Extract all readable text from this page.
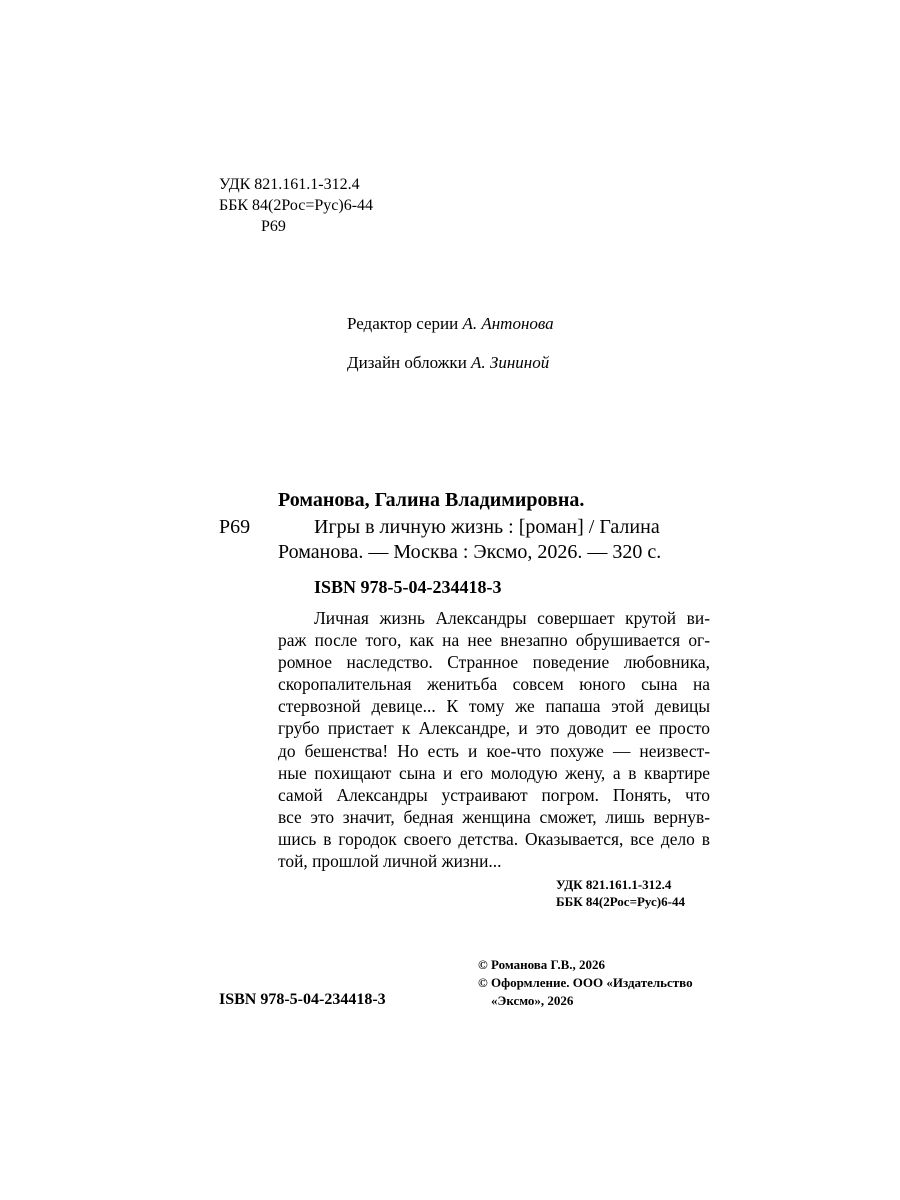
УДК 821.161.1-312.4
ББК 84(2Рос=Рус)6-44
Р69
Редактор серии А. Антонова
Дизайн обложки А. Зининой
Романова, Галина Владимировна.
Р69	Игры в личную жизнь : [роман] / Галина
Романова. — Москва : Эксмо, 2026. — 320 с.
ISBN 978-5-04-234418-3
Личная жизнь Александры совершает крутой ви-
раж после того, как на нее внезапно обрушивается ог-
ромное наследство. Странное поведение любовника,
скоропалительная женитьба совсем юного сына на
стервозной девице... К тому же папаша этой девицы
грубо пристает к Александре, и это доводит ее просто
до бешенства! Но есть и кое-что похуже — неизвест-
ные похищают сына и его молодую жену, а в квартире
самой Александры устраивают погром. Понять, что
все это значит, бедная женщина сможет, лишь вернув-
шись в городок своего детства. Оказывается, все дело в
той, прошлой личной жизни...
УДК 821.161.1-312.4
ББК 84(2Рос=Рус)6-44
© Романова Г.В., 2026
© Оформление. ООО «Издательство
«Эксмо», 2026
ISBN 978-5-04-234418-3
